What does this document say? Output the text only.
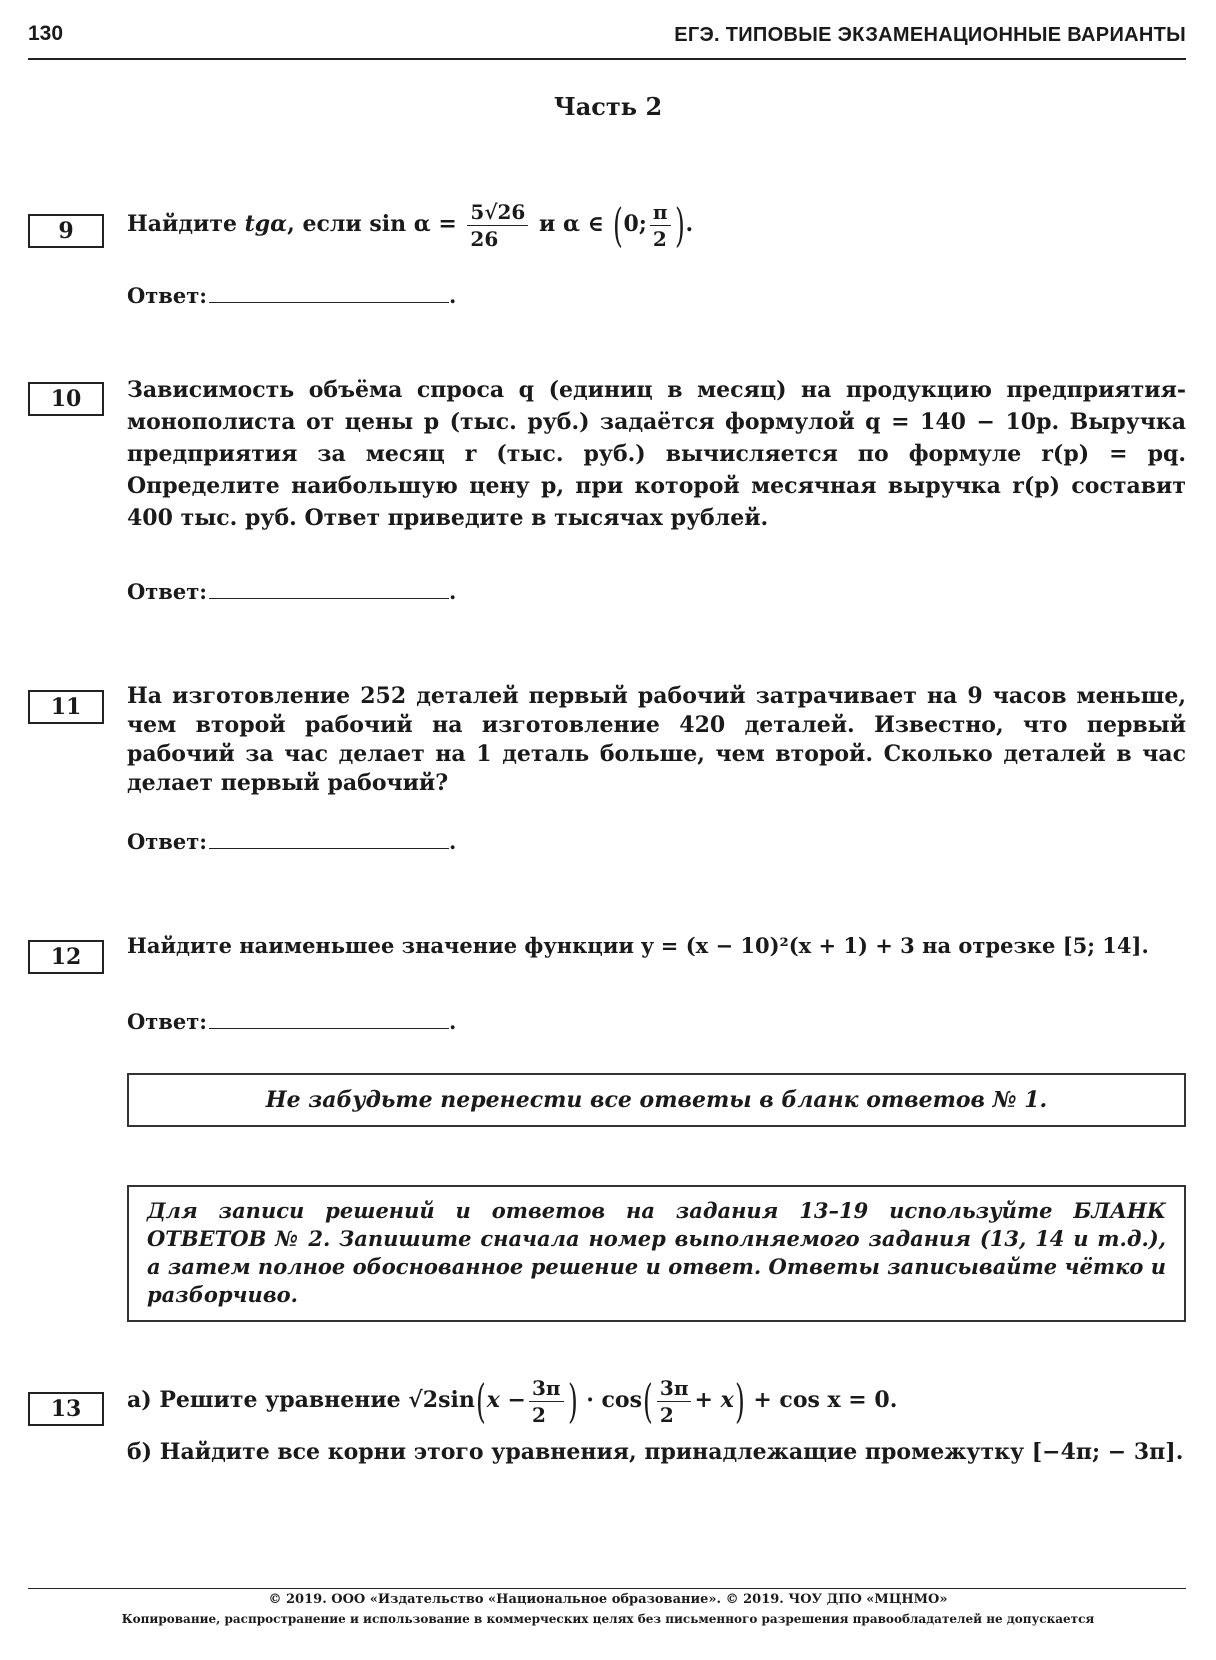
130	ЕГЭ. ТИПОВЫЕ ЭКЗАМЕНАЦИОННЫЕ ВАРИАНТЫ
Часть 2
9	Найдите tgα, если $\sin \alpha = \frac{5√26}{26}$ и α ∈ (0; $\frac{\pi}{2}$ ).
Ответ:	.
10	Зависимость объёма спроса q (единиц в месяц) на продукцию предприятия-монополиста от цены p (тыс. руб.) задаётся формулой q = 140 − 10p. Выручка предприятия за месяц r (тыс. руб.) вычисляется по формуле r(p) = pq. Определите наибольшую цену p, при которой месячная выручка r(p) составит 400 тыс. руб. Ответ приведите в тысячах рублей.
Ответ:	.
11	На изготовление 252 деталей первый рабочий затрачивает на 9 часов меньше, чем второй рабочий на изготовление 420 деталей. Известно, что первый рабочий за час делает на 1 деталь больше, чем второй. Сколько деталей в час делает первый рабочий?
Ответ:	.
12	Найдите наименьшее значение функции y = (x − 10)²(x + 1) + 3 на отрезке [5; 14].
Ответ:	.
Не забудьте перенести все ответы в бланк ответов № 1.
Для записи решений и ответов на задания 13–19 используйте БЛАНК ОТВЕТОВ № 2. Запишите сначала номер выполняемого задания (13, 14 и т.д.), а затем полное обоснованное решение и ответ. Ответы записывайте чётко и разборчиво.
13	а) Решите уравнение $√2\sin(x - \frac{3\pi}{2}$ ) · $\cos( \frac{3\pi}{2} + x) + \cos x = 0$.
б) Найдите все корни этого уравнения, принадлежащие промежутку [−4π; − 3π].
© 2019. ООО «Издательство «Национальное образование». © 2019. ЧОУ ДПО «МЦНМО»
Копирование, распространение и использование в коммерческих целях без письменного разрешения правообладателей не допускается
